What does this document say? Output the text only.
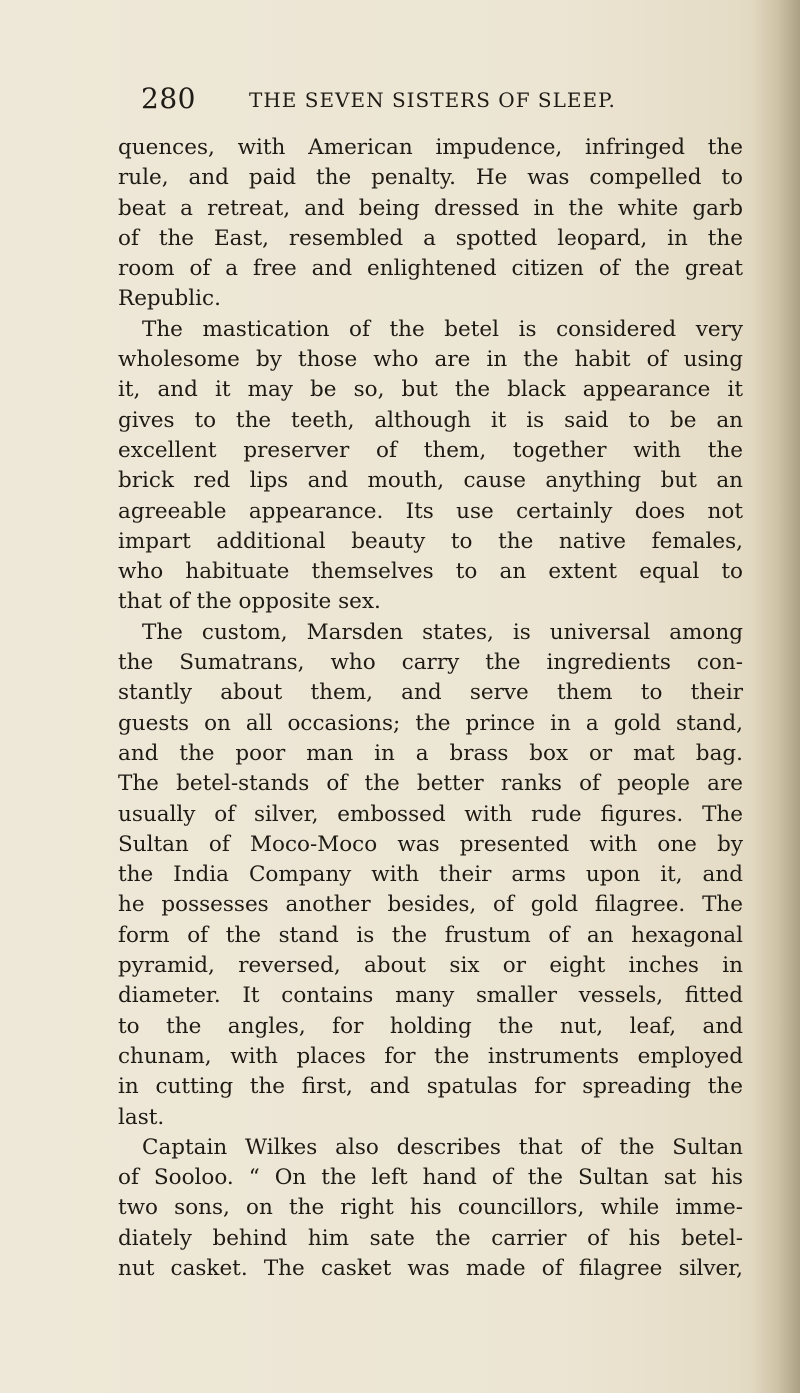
280	THE SEVEN SISTERS OF SLEEP.
quences, with American impudence, infringed the
rule, and paid the penalty. He was compelled to
beat a retreat, and being dressed in the white garb
of the East, resembled a spotted leopard, in the
room of a free and enlightened citizen of the great
Republic.
The mastication of the betel is considered very
wholesome by those who are in the habit of using
it, and it may be so, but the black appearance it
gives to the teeth, although it is said to be an
excellent preserver of them, together with the
brick red lips and mouth, cause anything but an
agreeable appearance. Its use certainly does not
impart additional beauty to the native females,
who habituate themselves to an extent equal to
that of the opposite sex.
The custom, Marsden states, is universal among
the Sumatrans, who carry the ingredients con-
stantly about them, and serve them to their
guests on all occasions; the prince in a gold stand,
and the poor man in a brass box or mat bag.
The betel-stands of the better ranks of people are
usually of silver, embossed with rude figures. The
Sultan of Moco-Moco was presented with one by
the India Company with their arms upon it, and
he possesses another besides, of gold filagree. The
form of the stand is the frustum of an hexagonal
pyramid, reversed, about six or eight inches in
diameter. It contains many smaller vessels, fitted
to the angles, for holding the nut, leaf, and
chunam, with places for the instruments employed
in cutting the first, and spatulas for spreading the
last.
Captain Wilkes also describes that of the Sultan
of Sooloo. “ On the left hand of the Sultan sat his
two sons, on the right his councillors, while imme-
diately behind him sate the carrier of his betel-
nut casket. The casket was made of filagree silver,
